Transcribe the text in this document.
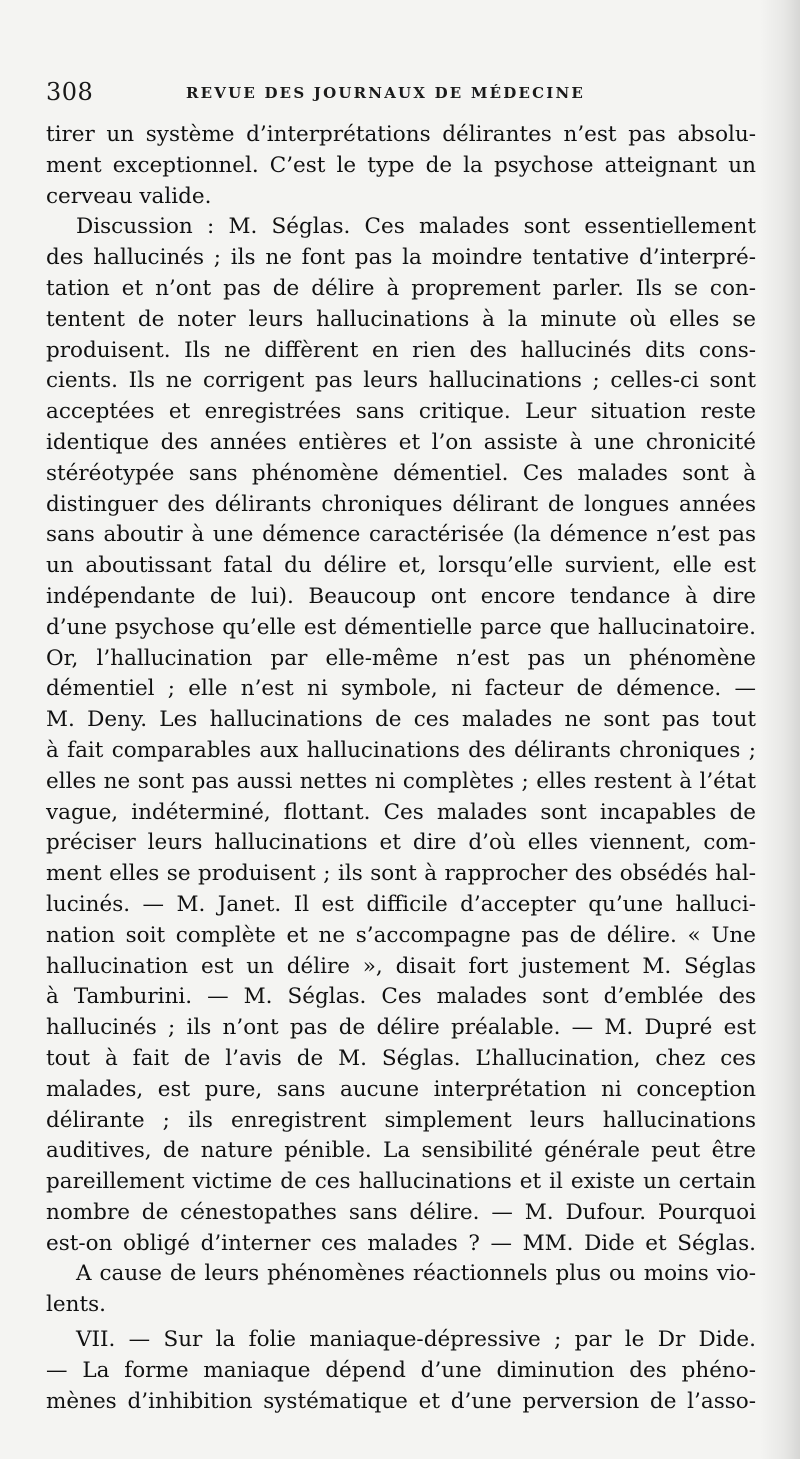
308	REVUE DES JOURNAUX DE MÉDECINE
tirer un système d’interprétations délirantes n’est pas absolu-
ment exceptionnel. C’est le type de la psychose atteignant un
cerveau valide.
Discussion : M. Séglas. Ces malades sont essentiellement
des hallucinés ; ils ne font pas la moindre tentative d’interpré-
tation et n’ont pas de délire à proprement parler. Ils se con-
tentent de noter leurs hallucinations à la minute où elles se
produisent. Ils ne diffèrent en rien des hallucinés dits cons-
cients. Ils ne corrigent pas leurs hallucinations ; celles-ci sont
acceptées et enregistrées sans critique. Leur situation reste
identique des années entières et l’on assiste à une chronicité
stéréotypée sans phénomène démentiel. Ces malades sont à
distinguer des délirants chroniques délirant de longues années
sans aboutir à une démence caractérisée (la démence n’est pas
un aboutissant fatal du délire et, lorsqu’elle survient, elle est
indépendante de lui). Beaucoup ont encore tendance à dire
d’une psychose qu’elle est démentielle parce que hallucinatoire.
Or, l’hallucination par elle-même n’est pas un phénomène
démentiel ; elle n’est ni symbole, ni facteur de démence. —
M. Deny. Les hallucinations de ces malades ne sont pas tout
à fait comparables aux hallucinations des délirants chroniques ;
elles ne sont pas aussi nettes ni complètes ; elles restent à l’état
vague, indéterminé, flottant. Ces malades sont incapables de
préciser leurs hallucinations et dire d’où elles viennent, com-
ment elles se produisent ; ils sont à rapprocher des obsédés hal-
lucinés. — M. Janet. Il est difficile d’accepter qu’une halluci-
nation soit complète et ne s’accompagne pas de délire. « Une
hallucination est un délire », disait fort justement M. Séglas
à Tamburini. — M. Séglas. Ces malades sont d’emblée des
hallucinés ; ils n’ont pas de délire préalable. — M. Dupré est
tout à fait de l’avis de M. Séglas. L’hallucination, chez ces
malades, est pure, sans aucune interprétation ni conception
délirante ; ils enregistrent simplement leurs hallucinations
auditives, de nature pénible. La sensibilité générale peut être
pareillement victime de ces hallucinations et il existe un certain
nombre de cénestopathes sans délire. — M. Dufour. Pourquoi
est-on obligé d’interner ces malades ? — MM. Dide et Séglas.
A cause de leurs phénomènes réactionnels plus ou moins vio-
lents.
VII. — Sur la folie maniaque-dépressive ; par le Dr Dide.
— La forme maniaque dépend d’une diminution des phéno-
mènes d’inhibition systématique et d’une perversion de l’asso-
